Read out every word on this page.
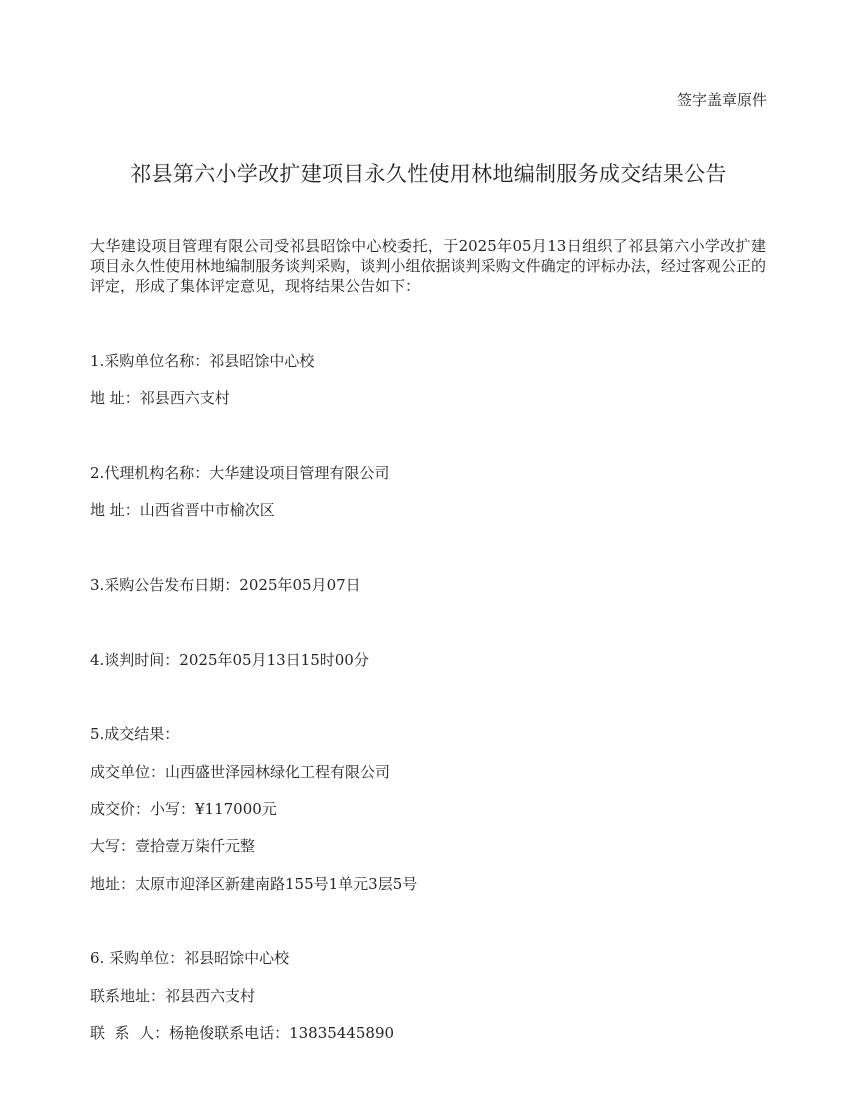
签字盖章原件
祁县第六小学改扩建项目永久性使用林地编制服务成交结果公告
大华建设项目管理有限公司受祁县昭馀中心校委托，于2025年05月13日组织了祁县第六小学改扩建项目永久性使用林地编制服务谈判采购，谈判小组依据谈判采购文件确定的评标办法，经过客观公正的评定，形成了集体评定意见，现将结果公告如下：
1.采购单位名称：祁县昭馀中心校
地 址：祁县西六支村
2.代理机构名称：大华建设项目管理有限公司
地 址：山西省晋中市榆次区
3.采购公告发布日期：2025年05月07日
4.谈判时间：2025年05月13日15时00分
5.成交结果：
成交单位：山西盛世泽园林绿化工程有限公司
成交价：小写：¥117000元
大写：壹拾壹万柒仟元整
地址：太原市迎泽区新建南路155号1单元3层5号
6. 采购单位：祁县昭馀中心校
联系地址：祁县西六支村
联  系  人：杨艳俊联系电话：13835445890
